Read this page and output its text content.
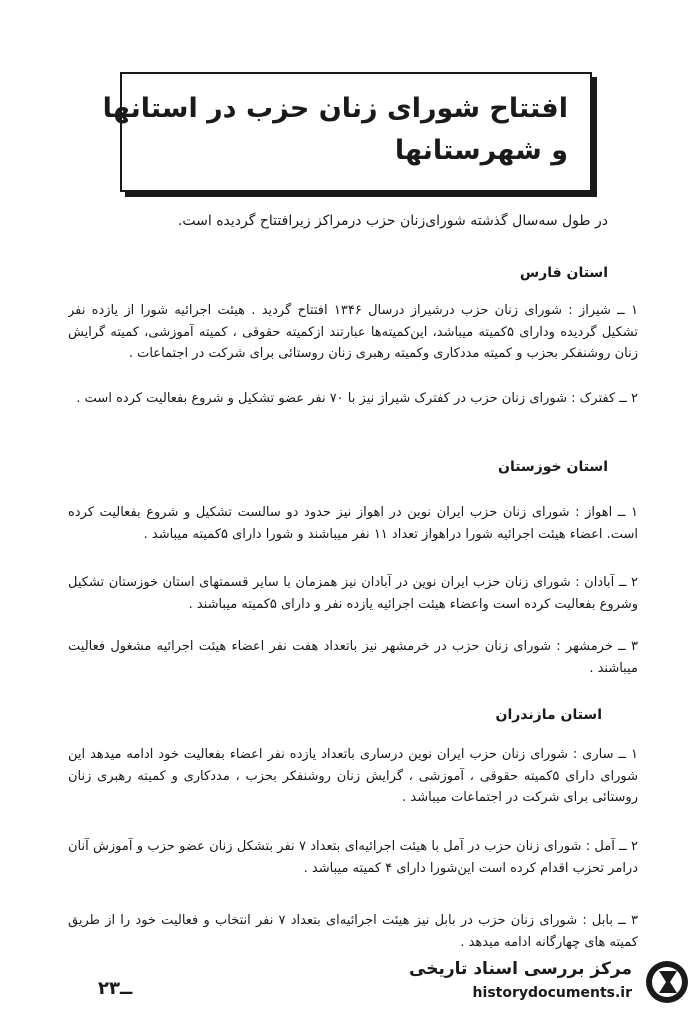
افتتاح شورای زنان حزب در استانها
و شهرستانها
در طول سه‌سال گذشته شورای‌زنان حزب درمراکز زیرافتتاح گردیده است.
استان فارس
۱ ــ شیراز : شورای زنان حزب درشیراز درسال ۱۳۴۶ افتتاح گردید . هیئت اجرائیه شورا از یازده نفر تشکیل گردیده ودارای ۵کمیته میباشد، این‌کمیته‌ها عبارتند ازکمیته حقوقی ، کمیته آموزشی، کمیته گرایش زنان روشنفکر بحزب و کمیته مددکاری وکمیته رهبری زنان روستائی برای شرکت در اجتماعات .
۲ ــ کفترک : شورای زنان حزب در کفترک شیراز نیز با ۷۰ نفر عضو تشکیل و شروع بفعالیت کرده است .
استان خوزستان
۱ ــ اهواز : شورای زنان حزب ایران نوین در اهواز نیز حدود دو سالست تشکیل و شروع بفعالیت کرده است. اعضاء هیئت اجرائیه شورا دراهواز تعداد ۱۱ نفر میباشند و شورا دارای ۵کمیته میباشد .
۲ ــ آبادان : شورای زنان حزب ایران نوین در آبادان نیز همزمان با سایر قسمتهای استان خوزستان تشکیل وشروع بفعالیت کرده است واعضاء هیئت اجرائیه یازده نفر و دارای ۵کمیته میباشند .
۳ ــ خرمشهر : شورای زنان حزب در خرمشهر نیز باتعداد هفت نفر اعضاء هیئت اجرائیه مشغول فعالیت میباشند .
استان مازندران
۱ ــ ساری : شورای زنان حزب ایران نوین درساری باتعداد یازده نفر اعضاء بفعالیت خود ادامه میدهد این شورای دارای ۵کمیته حقوقی ، آموزشی ، گرایش زنان روشنفکر بحزب ، مددکاری و کمیته رهبری زنان روستائی برای شرکت در اجتماعات میباشد .
۲ ــ آمل : شورای زنان حزب در آمل با هیئت اجرائیه‌ای بتعداد ۷ نفر بتشکل زنان عضو حزب و آموزش آنان درامر تحزب اقدام کرده است این‌شورا دارای ۴ کمیته میباشد .
۳ ــ بابل : شورای زنان حزب در بابل نیز هیئت اجرائیه‌ای بتعداد ۷ نفر انتخاب و فعالیت خود را از طریق کمیته های چهارگانه ادامه میدهد .
ــ۲۳
مرکز بررسی اسناد تاریخی
historydocuments.ir
